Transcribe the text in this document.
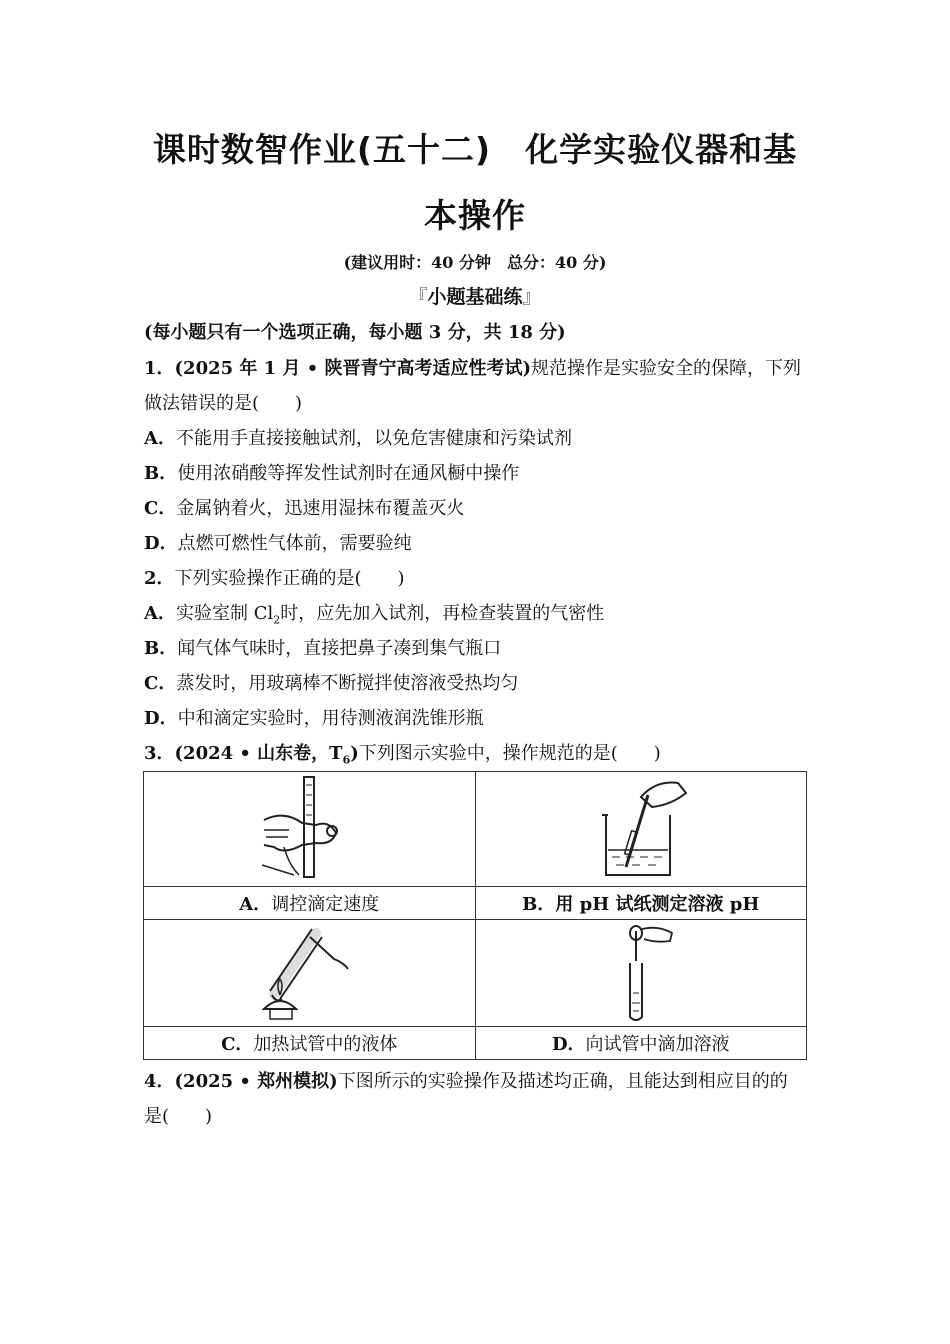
课时数智作业(五十二)　化学实验仪器和基
本操作
(建议用时：40 分钟　总分：40 分)
『小题基础练』
(每小题只有一个选项正确，每小题 3 分，共 18 分)
1．(2025 年 1 月 • 陕晋青宁高考适应性考试)规范操作是实验安全的保障，下列
做法错误的是(　　)
A．不能用手直接接触试剂，以免危害健康和污染试剂
B．使用浓硝酸等挥发性试剂时在通风橱中操作
C．金属钠着火，迅速用湿抹布覆盖灭火
D．点燃可燃性气体前，需要验纯
2．下列实验操作正确的是(　　)
A．实验室制 $Cl_2$时，应先加入试剂，再检查装置的气密性
B．闻气体气味时，直接把鼻子凑到集气瓶口
C．蒸发时，用玻璃棒不断搅拌使溶液受热均匀
D．中和滴定实验时，用待测液润洗锥形瓶
3．(2024 • 山东卷，$T_6$)下列图示实验中，操作规范的是(　　)

A．调控滴定速度	B．用 pH 试纸测定溶液 pH

C．加热试管中的液体	D．向试管中滴加溶液
4．(2025 • 郑州模拟)下图所示的实验操作及描述均正确，且能达到相应目的的
是(　　)
